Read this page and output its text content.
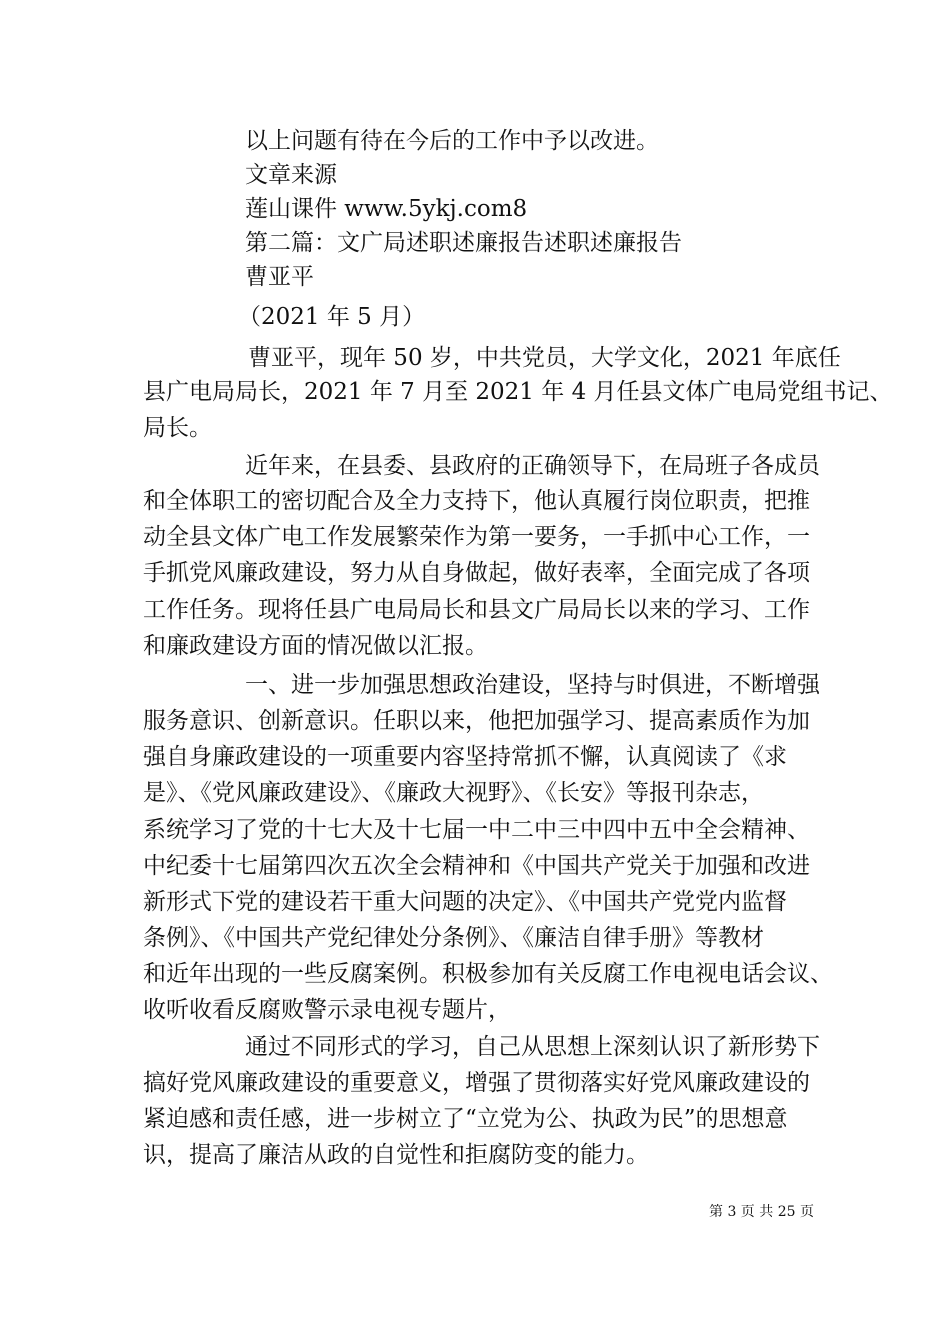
以上问题有待在今后的工作中予以改进。
文章来源
莲山课件 www.5ykj.com8
第二篇：文广局述职述廉报告述职述廉报告
曹亚平
（2021 年 5 月）
曹亚平，现年 50 岁，中共党员，大学文化，2021 年底任
县广电局局长，2021 年 7 月至 2021 年 4 月任县文体广电局党组书记、
局长。
近年来，在县委、县政府的正确领导下，在局班子各成员
和全体职工的密切配合及全力支持下，他认真履行岗位职责，把推
动全县文体广电工作发展繁荣作为第一要务，一手抓中心工作，一
手抓党风廉政建设，努力从自身做起，做好表率，全面完成了各项
工作任务。现将任县广电局局长和县文广局局长以来的学习、工作
和廉政建设方面的情况做以汇报。
一、进一步加强思想政治建设，坚持与时俱进，不断增强
服务意识、创新意识。任职以来，他把加强学习、提高素质作为加
强自身廉政建设的一项重要内容坚持常抓不懈，认真阅读了《求
是》、《党风廉政建设》、《廉政大视野》、《长安》等报刊杂志，
系统学习了党的十七大及十七届一中二中三中四中五中全会精神、
中纪委十七届第四次五次全会精神和《中国共产党关于加强和改进
新形式下党的建设若干重大问题的决定》、《中国共产党党内监督
条例》、《中国共产党纪律处分条例》、《廉洁自律手册》等教材
和近年出现的一些反腐案例。积极参加有关反腐工作电视电话会议、
收听收看反腐败警示录电视专题片，
通过不同形式的学习，自己从思想上深刻认识了新形势下
搞好党风廉政建设的重要意义，增强了贯彻落实好党风廉政建设的
紧迫感和责任感，进一步树立了“立党为公、执政为民”的思想意
识，提高了廉洁从政的自觉性和拒腐防变的能力。
第 3 页 共 25 页
